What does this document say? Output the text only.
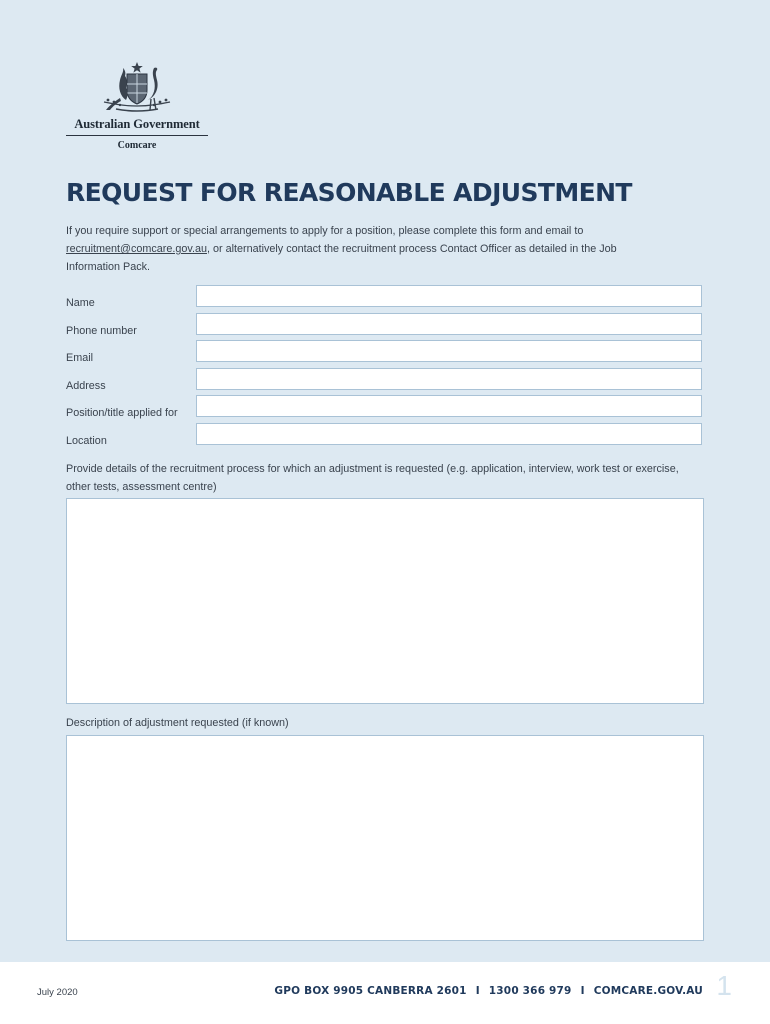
Australian Government
Comcare
REQUEST FOR REASONABLE ADJUSTMENT
If you require support or special arrangements to apply for a position, please complete this form and email to recruitment@comcare.gov.au, or alternatively contact the recruitment process Contact Officer as detailed in the Job Information Pack.
Name
Phone number
Email
Address
Position/title applied for
Location
Provide details of the recruitment process for which an adjustment is requested (e.g. application, interview, work test or exercise, other tests, assessment centre)
Description of adjustment requested (if known)
July 2020	GPO BOX 9905 CANBERRA 2601 I 1300 366 979 I COMCARE.GOV.AU 1
